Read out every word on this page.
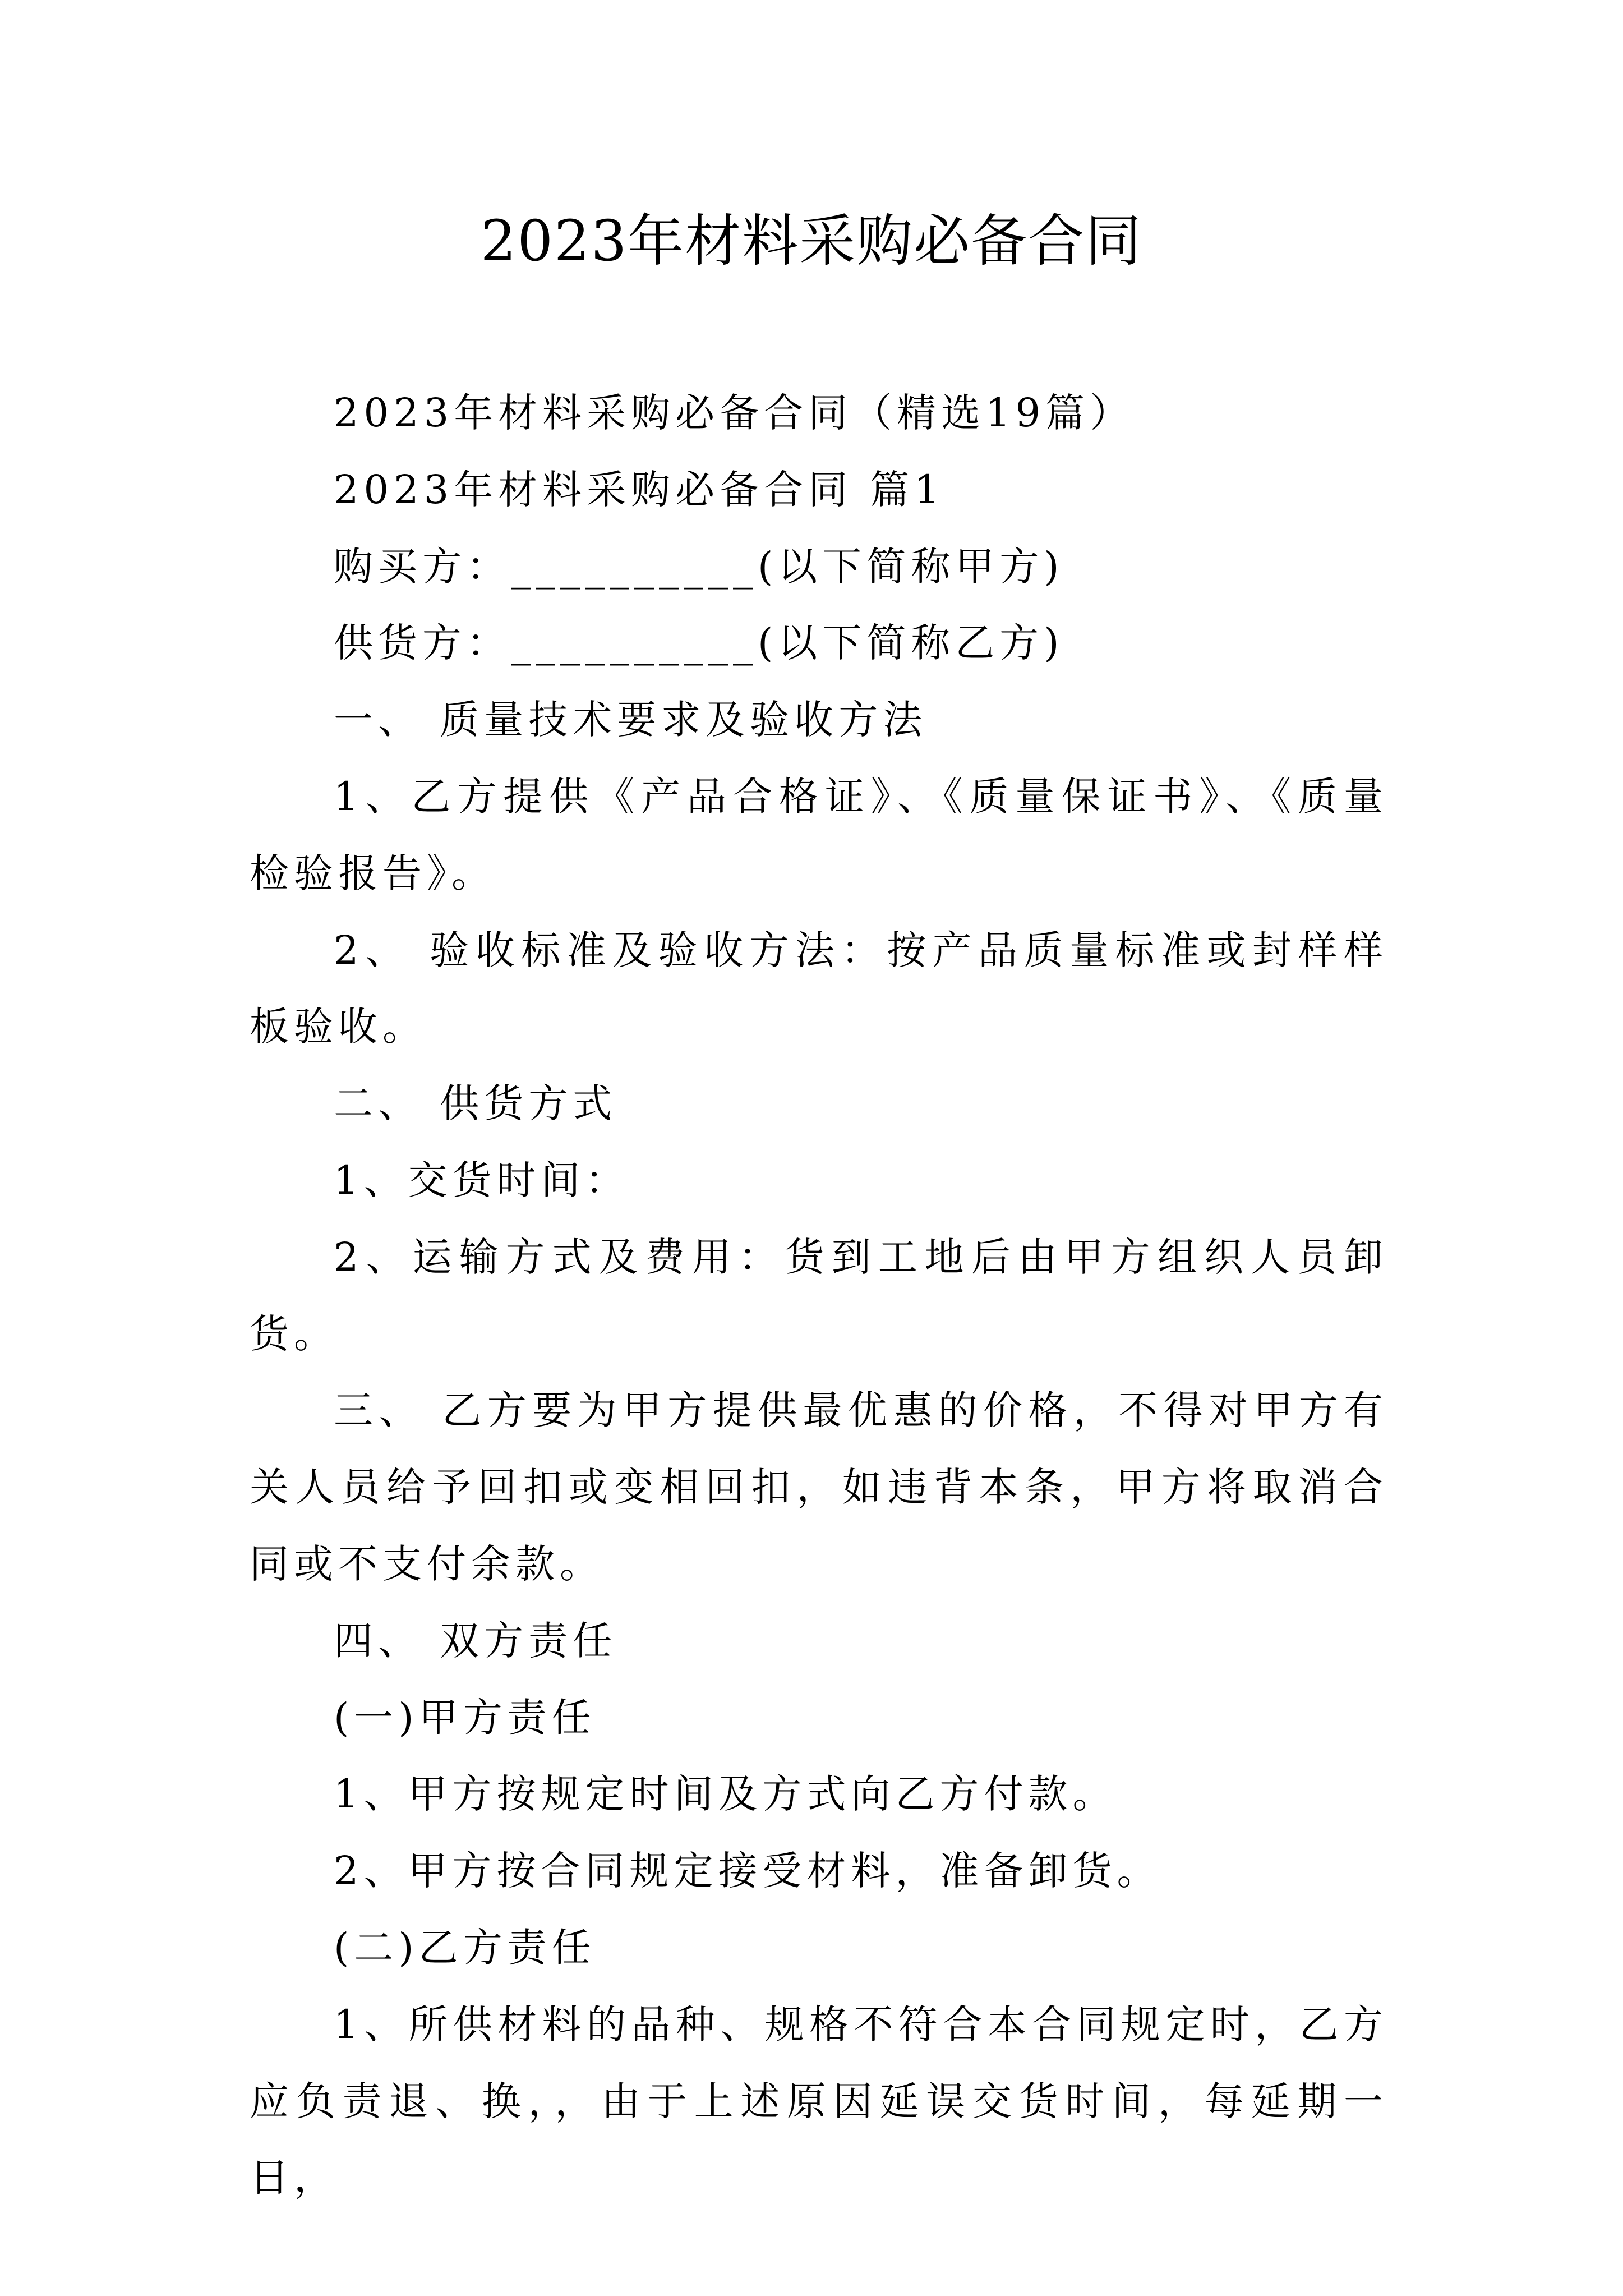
2023年材料采购必备合同

2023年材料采购必备合同（精选19篇）

2023年材料采购必备合同 篇1

购买方：__________(以下简称甲方)

供货方：__________(以下简称乙方)

一、 质量技术要求及验收方法

1、乙方提供《产品合格证》、《质量保证书》、《质量检验报告》。

2、 验收标准及验收方法：按产品质量标准或封样样板验收。

二、 供货方式

1、交货时间：

2、运输方式及费用：货到工地后由甲方组织人员卸货。

三、 乙方要为甲方提供最优惠的价格，不得对甲方有关人员给予回扣或变相回扣，如违背本条，甲方将取消合同或不支付余款。

四、 双方责任

(一)甲方责任

1、甲方按规定时间及方式向乙方付款。

2、甲方按合同规定接受材料，准备卸货。

(二)乙方责任

1、所供材料的品种、规格不符合本合同规定时，乙方应负责退、换，，由于上述原因延误交货时间，每延期一日，
